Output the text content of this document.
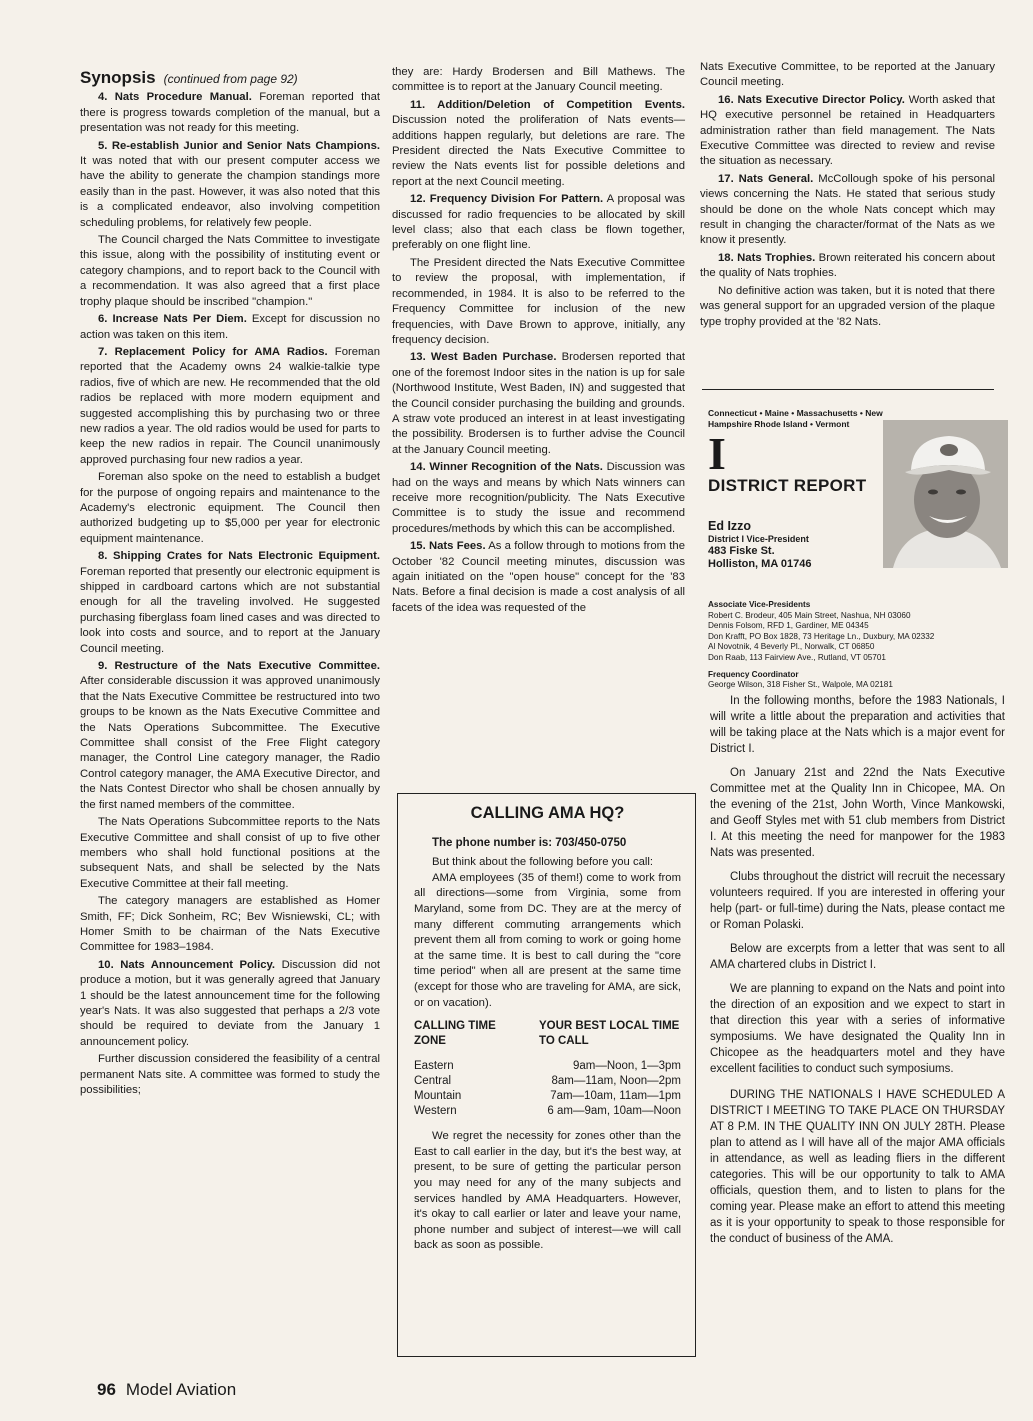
Synopsis (continued from page 92)

4. Nats Procedure Manual. Foreman reported that there is progress towards completion of the manual, but a presentation was not ready for this meeting.

5. Re-establish Junior and Senior Nats Champions. It was noted that with our present computer access we have the ability to generate the champion standings more easily than in the past. However, it was also noted that this is a complicated endeavor, also involving competition scheduling problems, for relatively few people.

The Council charged the Nats Committee to investigate this issue, along with the possibility of instituting event or category champions, and to report back to the Council with a recommendation. It was also agreed that a first place trophy plaque should be inscribed "champion."

6. Increase Nats Per Diem. Except for discussion no action was taken on this item.

7. Replacement Policy for AMA Radios. Foreman reported that the Academy owns 24 walkie-talkie type radios, five of which are new. He recommended that the old radios be replaced with more modern equipment and suggested accomplishing this by purchasing two or three new radios a year. The old radios would be used for parts to keep the new radios in repair. The Council unanimously approved purchasing four new radios a year.

Foreman also spoke on the need to establish a budget for the purpose of ongoing repairs and maintenance to the Academy's electronic equipment. The Council then authorized budgeting up to $5,000 per year for electronic equipment maintenance.

8. Shipping Crates for Nats Electronic Equipment. Foreman reported that presently our electronic equipment is shipped in cardboard cartons which are not substantial enough for all the traveling involved. He suggested purchasing fiberglass foam lined cases and was directed to look into costs and source, and to report at the January Council meeting.

9. Restructure of the Nats Executive Committee. After considerable discussion it was approved unanimously that the Nats Executive Committee be restructured into two groups to be known as the Nats Executive Committee and the Nats Operations Subcommittee. The Executive Committee shall consist of the Free Flight category manager, the Control Line category manager, the Radio Control category manager, the AMA Executive Director, and the Nats Contest Director who shall be chosen annually by the first named members of the committee.

The Nats Operations Subcommittee reports to the Nats Executive Committee and shall consist of up to five other members who shall hold functional positions at the subsequent Nats, and shall be selected by the Nats Executive Committee at their fall meeting.

The category managers are established as Homer Smith, FF; Dick Sonheim, RC; Bev Wisniewski, CL; with Homer Smith to be chairman of the Nats Executive Committee for 1983–1984.

10. Nats Announcement Policy. Discussion did not produce a motion, but it was generally agreed that January 1 should be the latest announcement time for the following year's Nats. It was also suggested that perhaps a 2/3 vote should be required to deviate from the January 1 announcement policy.

Further discussion considered the feasibility of a central permanent Nats site. A committee was formed to study the possibilities;

they are: Hardy Brodersen and Bill Mathews. The committee is to report at the January Council meeting.

11. Addition/Deletion of Competition Events. Discussion noted the proliferation of Nats events—additions happen regularly, but deletions are rare. The President directed the Nats Executive Committee to review the Nats events list for possible deletions and report at the next Council meeting.

12. Frequency Division For Pattern. A proposal was discussed for radio frequencies to be allocated by skill level class; also that each class be flown together, preferably on one flight line.

The President directed the Nats Executive Committee to review the proposal, with implementation, if recommended, in 1984. It is also to be referred to the Frequency Committee for inclusion of the new frequencies, with Dave Brown to approve, initially, any frequency decision.

13. West Baden Purchase. Brodersen reported that one of the foremost Indoor sites in the nation is up for sale (Northwood Institute, West Baden, IN) and suggested that the Council consider purchasing the building and grounds. A straw vote produced an interest in at least investigating the possibility. Brodersen is to further advise the Council at the January Council meeting.

14. Winner Recognition of the Nats. Discussion was had on the ways and means by which Nats winners can receive more recognition/publicity. The Nats Executive Committee is to study the issue and recommend procedures/methods by which this can be accomplished.

15. Nats Fees. As a follow through to motions from the October '82 Council meeting minutes, discussion was again initiated on the "open house" concept for the '83 Nats. Before a final decision is made a cost analysis of all facets of the idea was requested of the

Nats Executive Committee, to be reported at the January Council meeting.

16. Nats Executive Director Policy. Worth asked that HQ executive personnel be retained in Headquarters administration rather than field management. The Nats Executive Committee was directed to review and revise the situation as necessary.

17. Nats General. McCollough spoke of his personal views concerning the Nats. He stated that serious study should be done on the whole Nats concept which may result in changing the character/format of the Nats as we know it presently.

18. Nats Trophies. Brown reiterated his concern about the quality of Nats trophies.

No definitive action was taken, but it is noted that there was general support for an upgraded version of the plaque type trophy provided at the '82 Nats.

Connecticut • Maine • Massachusetts • New Hampshire Rhode Island • Vermont
I
DISTRICT REPORT
Ed Izzo
District I Vice-President
483 Fiske St.
Holliston, MA 01746
Associate Vice-Presidents
Robert C. Brodeur, 405 Main Street, Nashua, NH 03060
Dennis Folsom, RFD 1, Gardiner, ME 04345
Don Krafft, PO Box 1828, 73 Heritage Ln., Duxbury, MA 02332
Al Novotnik, 4 Beverly Pl., Norwalk, CT 06850
Don Raab, 113 Fairview Ave., Rutland, VT 05701
Frequency Coordinator
George Wilson, 318 Fisher St., Walpole, MA 02181

In the following months, before the 1983 Nationals, I will write a little about the preparation and activities that will be taking place at the Nats which is a major event for District I.

On January 21st and 22nd the Nats Executive Committee met at the Quality Inn in Chicopee, MA. On the evening of the 21st, John Worth, Vince Mankowski, and Geoff Styles met with 51 club members from District I. At this meeting the need for manpower for the 1983 Nats was presented.

Clubs throughout the district will recruit the necessary volunteers required. If you are interested in offering your help (part- or full-time) during the Nats, please contact me or Roman Polaski.

Below are excerpts from a letter that was sent to all AMA chartered clubs in District I.

We are planning to expand on the Nats and point into the direction of an exposition and we expect to start in that direction this year with a series of informative symposiums. We have designated the Quality Inn in Chicopee as the headquarters motel and they have excellent facilities to conduct such symposiums.

DURING THE NATIONALS I HAVE SCHEDULED A DISTRICT I MEETING TO TAKE PLACE ON THURSDAY AT 8 P.M. IN THE QUALITY INN ON JULY 28TH. Please plan to attend as I will have all of the major AMA officials in attendance, as well as leading fliers in the different categories. This will be our opportunity to talk to AMA officials, question them, and to listen to plans for the coming year. Please make an effort to attend this meeting as it is your opportunity to speak to those responsible for the conduct of business of the AMA.

CALLING AMA HQ?
The phone number is: 703/450-0750

But think about the following before you call:

AMA employees (35 of them!) come to work from all directions—some from Virginia, some from Maryland, some from DC. They are at the mercy of many different commuting arrangements which prevent them all from coming to work or going home at the same time. It is best to call during the "core time period" when all are present at the same time (except for those who are traveling for AMA, are sick, or on vacation).

CALLING TIME ZONE	YOUR BEST LOCAL TIME TO CALL
Eastern	9am—Noon, 1—3pm
Central	8am—11am, Noon—2pm
Mountain	7am—10am, 11am—1pm
Western	6 am—9am, 10am—Noon

We regret the necessity for zones other than the East to call earlier in the day, but it's the best way, at present, to be sure of getting the particular person you may need for any of the many subjects and services handled by AMA Headquarters. However, it's okay to call earlier or later and leave your name, phone number and subject of interest—we will call back as soon as possible.

96 Model Aviation
